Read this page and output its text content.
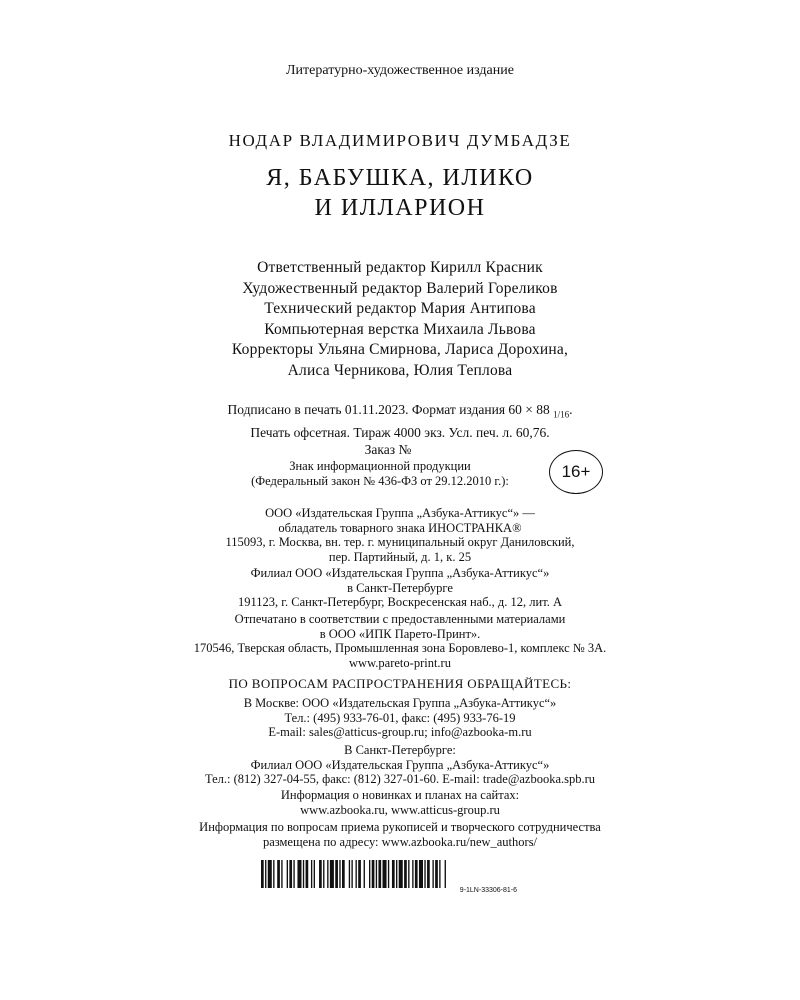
Литературно-художественное издание
НОДАР ВЛАДИМИРОВИЧ ДУМБАДЗЕ
Я, БАБУШКА, ИЛИКО
И ИЛЛАРИОН
Ответственный редактор Кирилл Красник
Художественный редактор Валерий Гореликов
Технический редактор Мария Антипова
Компьютерная верстка Михаила Львова
Корректоры Ульяна Смирнова, Лариса Дорохина,
Алиса Черникова, Юлия Теплова
Подписано в печать 01.11.2023. Формат издания 60 × 88 $_{1/16}$.
Печать офсетная. Тираж 4000 экз. Усл. печ. л. 60,76.
Заказ №
Знак информационной продукции
(Федеральный закон № 436-ФЗ от 29.12.2010 г.):	16+
ООО «Издательская Группа „Азбука-Аттикус“» —
обладатель товарного знака ИНОСТРАНКА®
115093, г. Москва, вн. тер. г. муниципальный округ Даниловский,
пер. Партийный, д. 1, к. 25
Филиал ООО «Издательская Группа „Азбука-Аттикус“»
в Санкт-Петербурге
191123, г. Санкт-Петербург, Воскресенская наб., д. 12, лит. А
Отпечатано в соответствии с предоставленными материалами
в ООО «ИПК Парето-Принт».
170546, Тверская область, Промышленная зона Боровлево-1, комплекс № 3А.
www.pareto-print.ru
ПО ВОПРОСАМ РАСПРОСТРАНЕНИЯ ОБРАЩАЙТЕСЬ:
В Москве: ООО «Издательская Группа „Азбука-Аттикус“»
Тел.: (495) 933-76-01, факс: (495) 933-76-19
E-mail: sales@atticus-group.ru; info@azbooka-m.ru
В Санкт-Петербурге:
Филиал ООО «Издательская Группа „Азбука-Аттикус“»
Тел.: (812) 327-04-55, факс: (812) 327-01-60. E-mail: trade@azbooka.spb.ru
Информация о новинках и планах на сайтах:
www.azbooka.ru, www.atticus-group.ru
Информация по вопросам приема рукописей и творческого сотрудничества
размещена по адресу: www.azbooka.ru/new_authors/
9-1LN-33306-81-6
